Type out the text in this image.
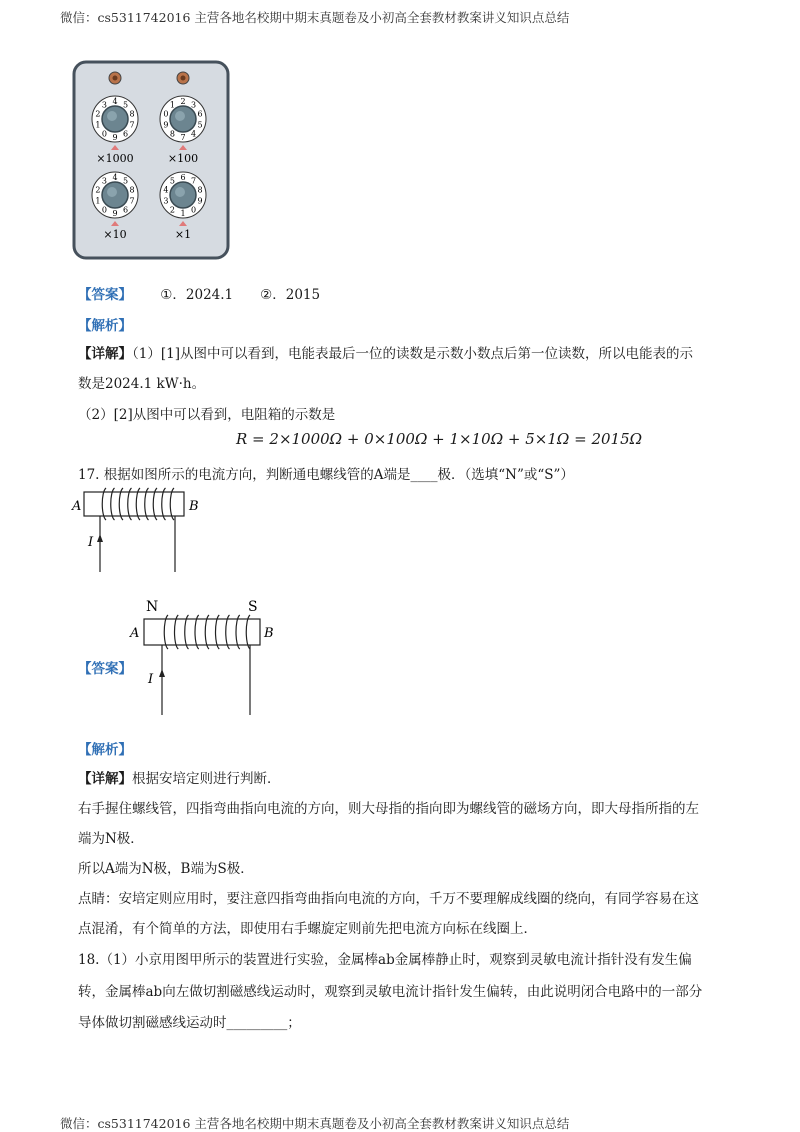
微信：cs5311742016 主营各地名校期中期末真题卷及小初高全套教材教案讲义知识点总结
9
0
1
2
3 4 5
8
7
6
×1000
7
8
9
0
1 2 3
6
5
4
×100
9
0
1
2
3 4 5
8
7
6
×10
1
2
3
4
5 6 7
8
9
0
×1
【答案】 ①．2024.1　　②．2015
【解析】
【详解】（1）[1]从图中可以看到，电能表最后一位的读数是示数小数点后第一位读数，所以电能表的示
数是2024.1 kW·h。
（2）[2]从图中可以看到，电阻箱的示数是
R = 2×1000Ω + 0×100Ω + 1×10Ω + 5×1Ω = 2015Ω
17. 根据如图所示的电流方向，判断通电螺线管的A端是____极．（选填“N”或“S”）
A	B
I
【答案】
N	S
A	B
I
【解析】
【详解】根据安培定则进行判断．
右手握住螺线管，四指弯曲指向电流的方向，则大母指的指向即为螺线管的磁场方向，即大母指所指的左
端为N极．
所以A端为N极，B端为S极．
点睛：安培定则应用时，要注意四指弯曲指向电流的方向，千万不要理解成线圈的绕向，有同学容易在这
点混淆，有个简单的方法，即使用右手螺旋定则前先把电流方向标在线圈上．
18.（1）小京用图甲所示的装置进行实验，金属棒ab金属棒静止时，观察到灵敏电流计指针没有发生偏
转，金属棒ab向左做切割磁感线运动时，观察到灵敏电流计指针发生偏转，由此说明闭合电路中的一部分
导体做切割磁感线运动时_________；
微信：cs5311742016 主营各地名校期中期末真题卷及小初高全套教材教案讲义知识点总结
